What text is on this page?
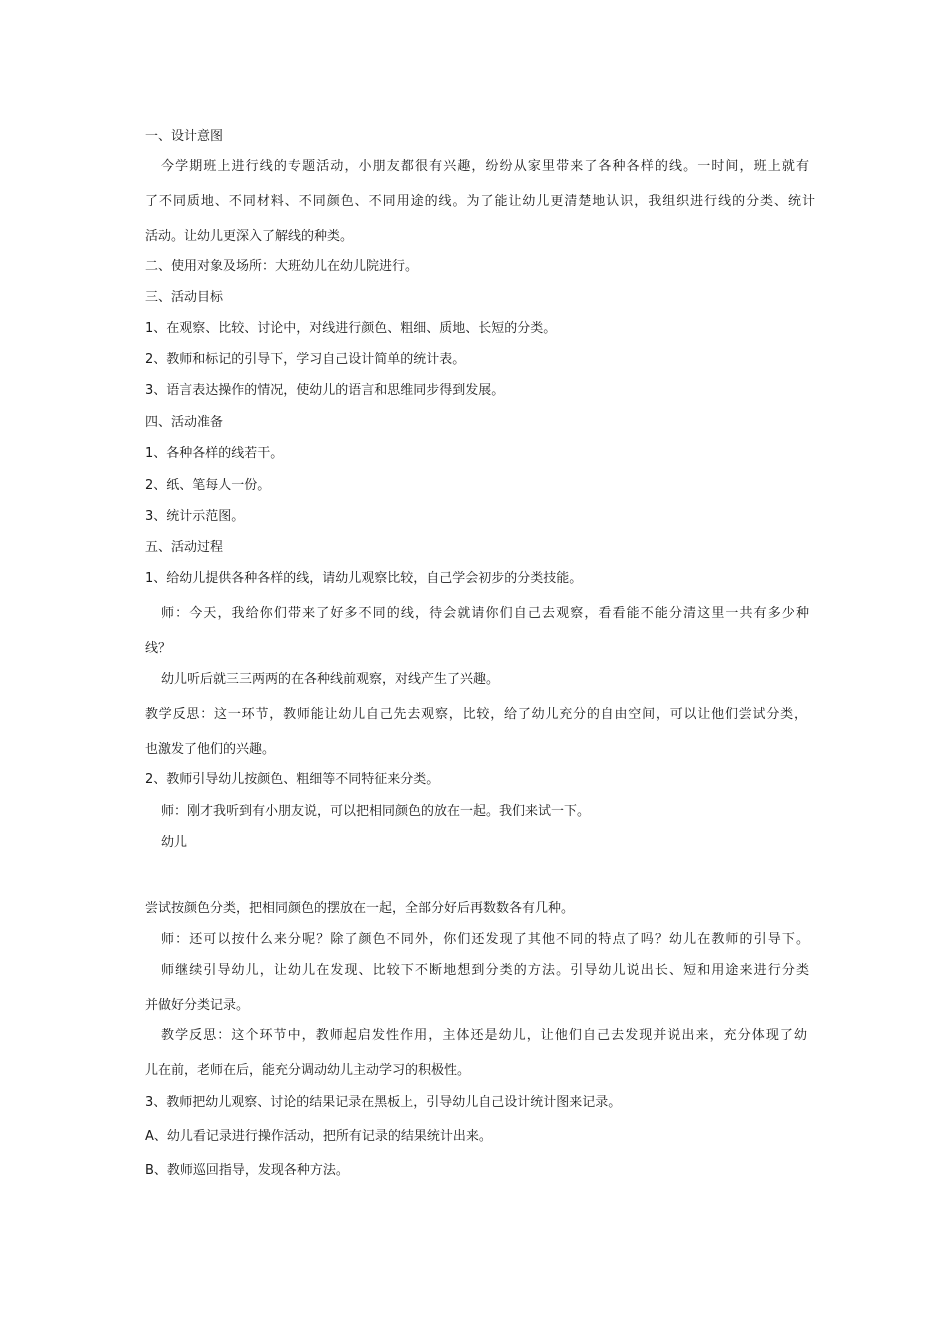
一、设计意图
今学期班上进行线的专题活动，小朋友都很有兴趣，纷纷从家里带来了各种各样的线。一时间，班上就有
了不同质地、不同材料、不同颜色、不同用途的线。为了能让幼儿更清楚地认识，我组织进行线的分类、统计
活动。让幼儿更深入了解线的种类。
二、使用对象及场所：大班幼儿在幼儿院进行。
三、活动目标
1、在观察、比较、讨论中，对线进行颜色、粗细、质地、长短的分类。
2、教师和标记的引导下，学习自己设计简单的统计表。
3、语言表达操作的情况，使幼儿的语言和思维同步得到发展。
四、活动准备
1、各种各样的线若干。
2、纸、笔每人一份。
3、统计示范图。
五、活动过程
1、给幼儿提供各种各样的线，请幼儿观察比较，自己学会初步的分类技能。
师：今天，我给你们带来了好多不同的线，待会就请你们自己去观察，看看能不能分清这里一共有多少种
线？
幼儿听后就三三两两的在各种线前观察，对线产生了兴趣。
教学反思：这一环节，教师能让幼儿自己先去观察，比较，给了幼儿充分的自由空间，可以让他们尝试分类，
也激发了他们的兴趣。
2、教师引导幼儿按颜色、粗细等不同特征来分类。
师：刚才我听到有小朋友说，可以把相同颜色的放在一起。我们来试一下。
幼儿
尝试按颜色分类，把相同颜色的摆放在一起，全部分好后再数数各有几种。
师：还可以按什么来分呢？除了颜色不同外，你们还发现了其他不同的特点了吗？幼儿在教师的引导下。
师继续引导幼儿，让幼儿在发现、比较下不断地想到分类的方法。引导幼儿说出长、短和用途来进行分类
并做好分类记录。
教学反思：这个环节中，教师起启发性作用，主体还是幼儿，让他们自己去发现并说出来，充分体现了幼
儿在前，老师在后，能充分调动幼儿主动学习的积极性。
3、教师把幼儿观察、讨论的结果记录在黑板上，引导幼儿自己设计统计图来记录。
A、幼儿看记录进行操作活动，把所有记录的结果统计出来。
B、教师巡回指导，发现各种方法。
